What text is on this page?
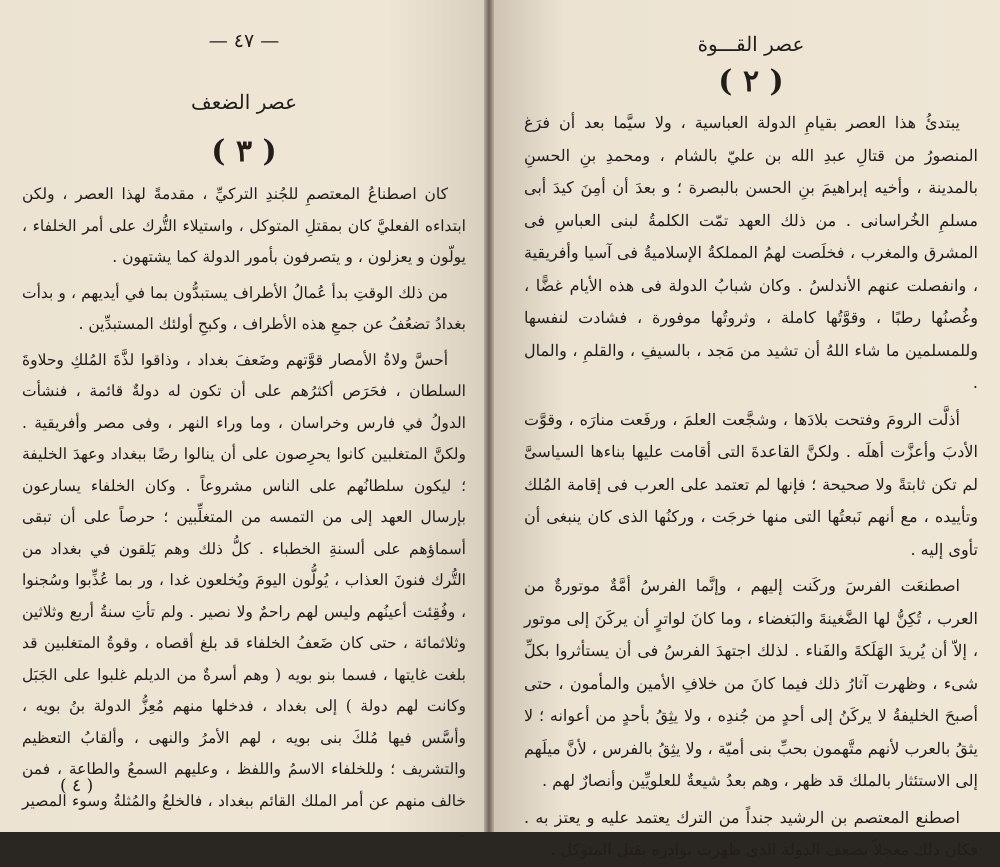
— ٤٧ —
عصر الضعف
( ٣ )

كان اصطناعُ المعتصمِ للجُندِ التركيِّ ، مقدمةً لهذا العصر ، ولكن ابتداءه الفعليَّ كان بمقتلِ المتوكل ، واستيلاء التُّرك على أمر الخلفاء ، يولّون و يعزلون ، و يتصرفون بأمور الدولة كما يشتهون .

من ذلك الوقتِ بدأ عُمالُ الأطراف يستبدُّون بما في أيديهم ، و بدأت بغدادُ تضعُفُ عن جمعِ هذه الأطراف ، وكبحِ أولئك المستبدِّين .

أحسَّ ولاةُ الأمصار قوَّتهم وضَعفَ بغداد ، وذاقوا لذَّةَ المُلكِ وحلاوةَ السلطان ، فحَرَص أكثرُهم على أن تكون له دولةٌ قائمة ، فنشأت الدولُ في فارس وخراسان ، وما وراء النهر ، وفى مصر وأفريقية . ولكنَّ المتغلبين كانوا يحرِصون على أن ينالوا رضًا ببغداد وعهدَ الخليفة ؛ ليكون سلطانُهم على الناس مشروعاً . وكان الخلفاء يسارعون بإرسال العهد إلى من التمسه من المتغلِّبين ؛ حرصاً على أن تبقى أسماؤهم على ألسنةِ الخطباء . كلُّ ذلك وهم يَلقون في بغداد من التُّرك فنونَ العذاب ، يُولُّون اليومَ ويُخلعون غدا ، ور بما عُذِّبوا وسُجنوا ، وفُقِئت أعينُهم وليس لهم راحمٌ ولا نصير . ولم تأتِ سنةُ أربع وثلاثين وثلاثمائة ، حتى كان ضَعفُ الخلفاء قد بلغ أقصاه ، وقوةُ المتغلبين قد بلغت غايتها ، فسما بنو بويه ( وهم أسرةٌ من الديلم غلبوا على الجَبَل وكانت لهم دولة ) إلى بغداد ، فدخلها منهم مُعِزُّ الدولة بنُ بويه ، وأسَّس فيها مُلكَ بنى بويه ، لهم الأمرُ والنهى ، وألقابُ التعظيم والتشريف ؛ وللخلفاء الاسمُ واللفظ ، وعليهم السمعُ والطاعة ، فمن خالف منهم عن أمر الملك القائم ببغداد ، فالخلعُ والمُثلةُ وسوء المصير .

( ٤ )
عصر القـــوة
( ٢ )

يبتدئُ هذا العصر بقيامِ الدولة العباسية ، ولا سيَّما بعد أن فرَغ المنصورُ من قتالِ عبدِ الله بن عليّ بالشام ، ومحمدِ بنِ الحسنِ بالمدينة ، وأخيه إبراهيمَ بنِ الحسن بالبصرة ؛ و بعدَ أن أمِنَ كيدَ أبى مسلمِ الخُراسانى . من ذلك العهد تمّت الكلمةُ لبنى العباسِ فى المشرق والمغرب ، فخلَصت لهمُ المملكةُ الإسلاميةُ فى آسيا وأفريقية ، وانفصلت عنهم الأندلسُ . وكان شبابُ الدولة فى هذه الأيام غضًّا ، وغُصنُها رطبًا ، وقوَّتُها كاملة ، وثروتُها موفورة ، فشادت لنفسها وللمسلمين ما شاء اللهُ أن تشيد من مَجد ، بالسيفِ ، والقلمِ ، والمال .

أذلَّت الرومَ وفتحت بلادَها ، وشجَّعت العلمَ ، ورفَعت منارَه ، وقوَّت الأدبَ وأعزَّت أهلَه . ولكنَّ القاعدةَ التى أقامت عليها بناءها السياسىَّ لم تكن ثابتةً ولا صحيحة ؛ فإنها لم تعتمد على العرب فى إقامة المُلك وتأييده ، مع أنهم نَبعتُها التى منها خرجَت ، وركنُها الذى كان ينبغى أن تأوى إليه .

اصطنعَت الفرسَ وركَنت إليهم ، وإنَّما الفرسُ أمَّةٌ موتورةٌ من العرب ، تُكِنُّ لها الضَّغينةَ والبَغضاء ، وما كانَ لواترٍ أن يركَنَ إلى موتور ، إلاّ أن يُريدَ الهَلَكةَ والفَناء . لذلك اجتهدَ الفرسُ فى أن يستأثروا بكلِّ شىء ، وظهرت آثارُ ذلك فيما كانَ من خلافِ الأمين والمأمون ، حتى أصبحَ الخليفةُ لا يركَنُ إلى أحدٍ من جُندِه ، ولا يثِقُ بأحدٍ من أعوانه ؛ لا يثقُ بالعرب لأنهم متَّهمون بحبِّ بنى أميّة ، ولا يثِقُ بالفرس ، لأنَّ ميلَهم إلى الاستئثار بالملك قد ظهر ، وهم بعدُ شيعةٌ للعلويِّين وأنصارٌ لهم .

اصطنع المعتصم بن الرشيد جنداً من الترك يعتمد عليه و يعتز به . فكان ذلك معجلاً بضعف الدولة الذى ظهرت بوادره بقتل المتوكل .
